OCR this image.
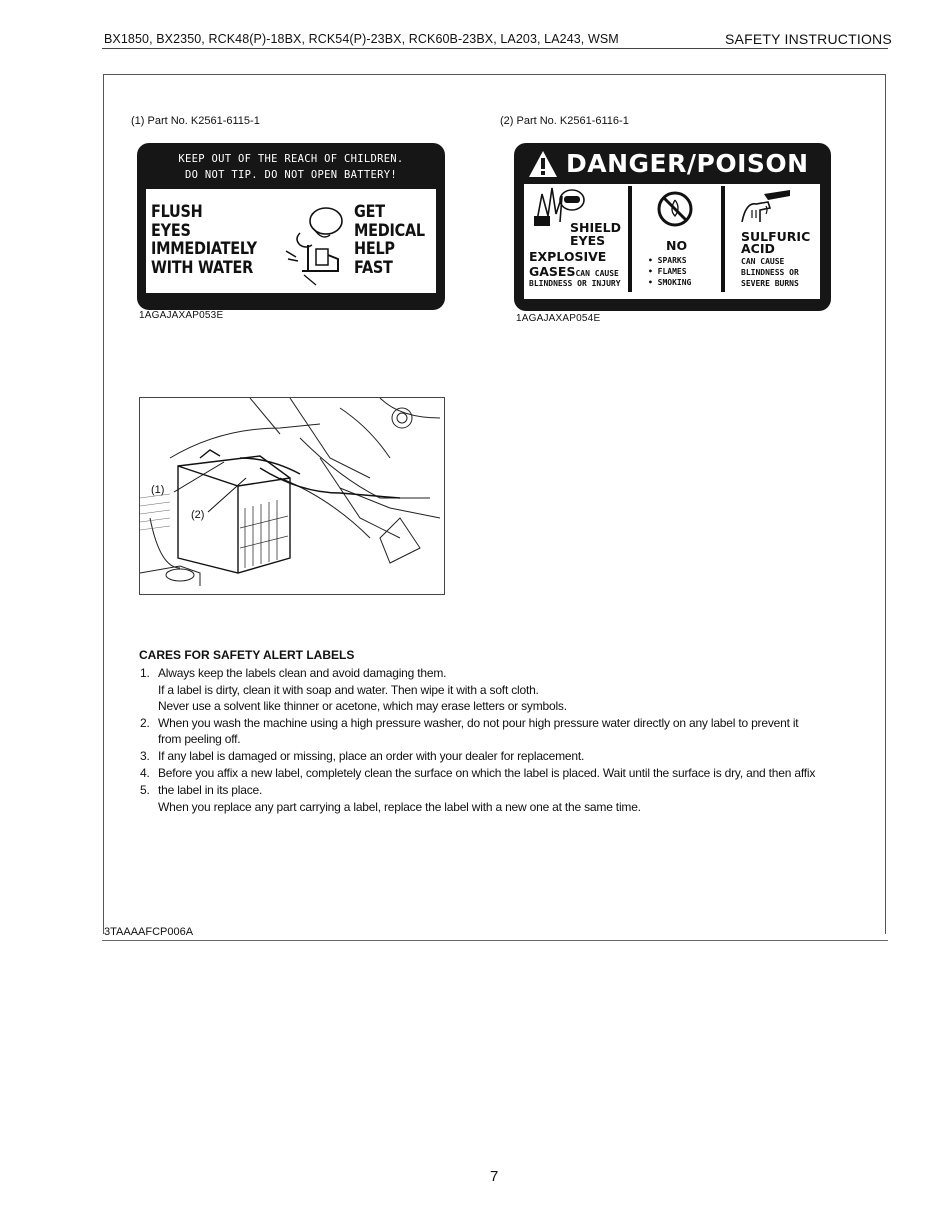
BX1850, BX2350, RCK48(P)-18BX, RCK54(P)-23BX, RCK60B-23BX, LA203, LA243, WSM	SAFETY INSTRUCTIONS
(1) Part No. K2561-6115-1	(2) Part No. K2561-6116-1
KEEP OUT OF THE REACH OF CHILDREN.
DO NOT TIP. DO NOT OPEN BATTERY!
FLUSH
EYES
IMMEDIATELY
WITH WATER
GET
MEDICAL
HELP
FAST
1AGAJAXAP053E
DANGER/POISON
SHIELD
EYES
EXPLOSIVE
GASESCAN CAUSE
BLINDNESS OR INJURY
NO
• SPARKS
• FLAMES
• SMOKING
SULFURIC
ACID
CAN CAUSE
BLINDNESS OR
SEVERE BURNS
1AGAJAXAP054E
(1)
(2)
CARES FOR SAFETY ALERT LABELS
1. Always keep the labels clean and avoid damaging them.
If a label is dirty, clean it with soap and water. Then wipe it with a soft cloth.
Never use a solvent like thinner or acetone, which may erase letters or symbols.
2. When you wash the machine using a high pressure washer, do not pour high pressure water directly on any label to prevent it
from peeling off.
3. If any label is damaged or missing, place an order with your dealer for replacement.
4. Before you affix a new label, completely clean the surface on which the label is placed. Wait until the surface is dry, and then affix
5. the label in its place.
When you replace any part carrying a label, replace the label with a new one at the same time.
3TAAAAFCP006A
7
